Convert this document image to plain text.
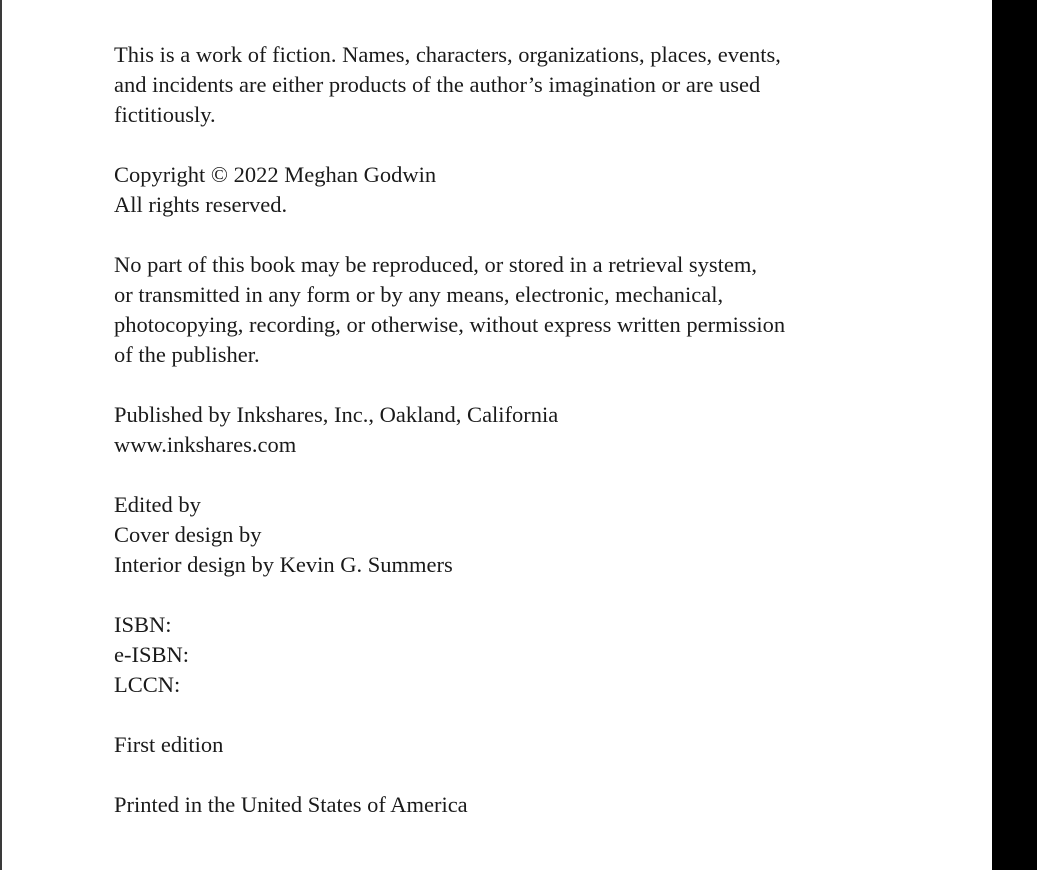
This is a work of fiction. Names, characters, organizations, places, events,
and incidents are either products of the author’s imagination or are used
fictitiously.

Copyright © 2022 Meghan Godwin
All rights reserved.

No part of this book may be reproduced, or stored in a retrieval system,
or transmitted in any form or by any means, electronic, mechanical,
photocopying, recording, or otherwise, without express written permission
of the publisher.

Published by Inkshares, Inc., Oakland, California
www.inkshares.com

Edited by
Cover design by
Interior design by Kevin G. Summers

ISBN:
e-ISBN:
LCCN:

First edition

Printed in the United States of America
